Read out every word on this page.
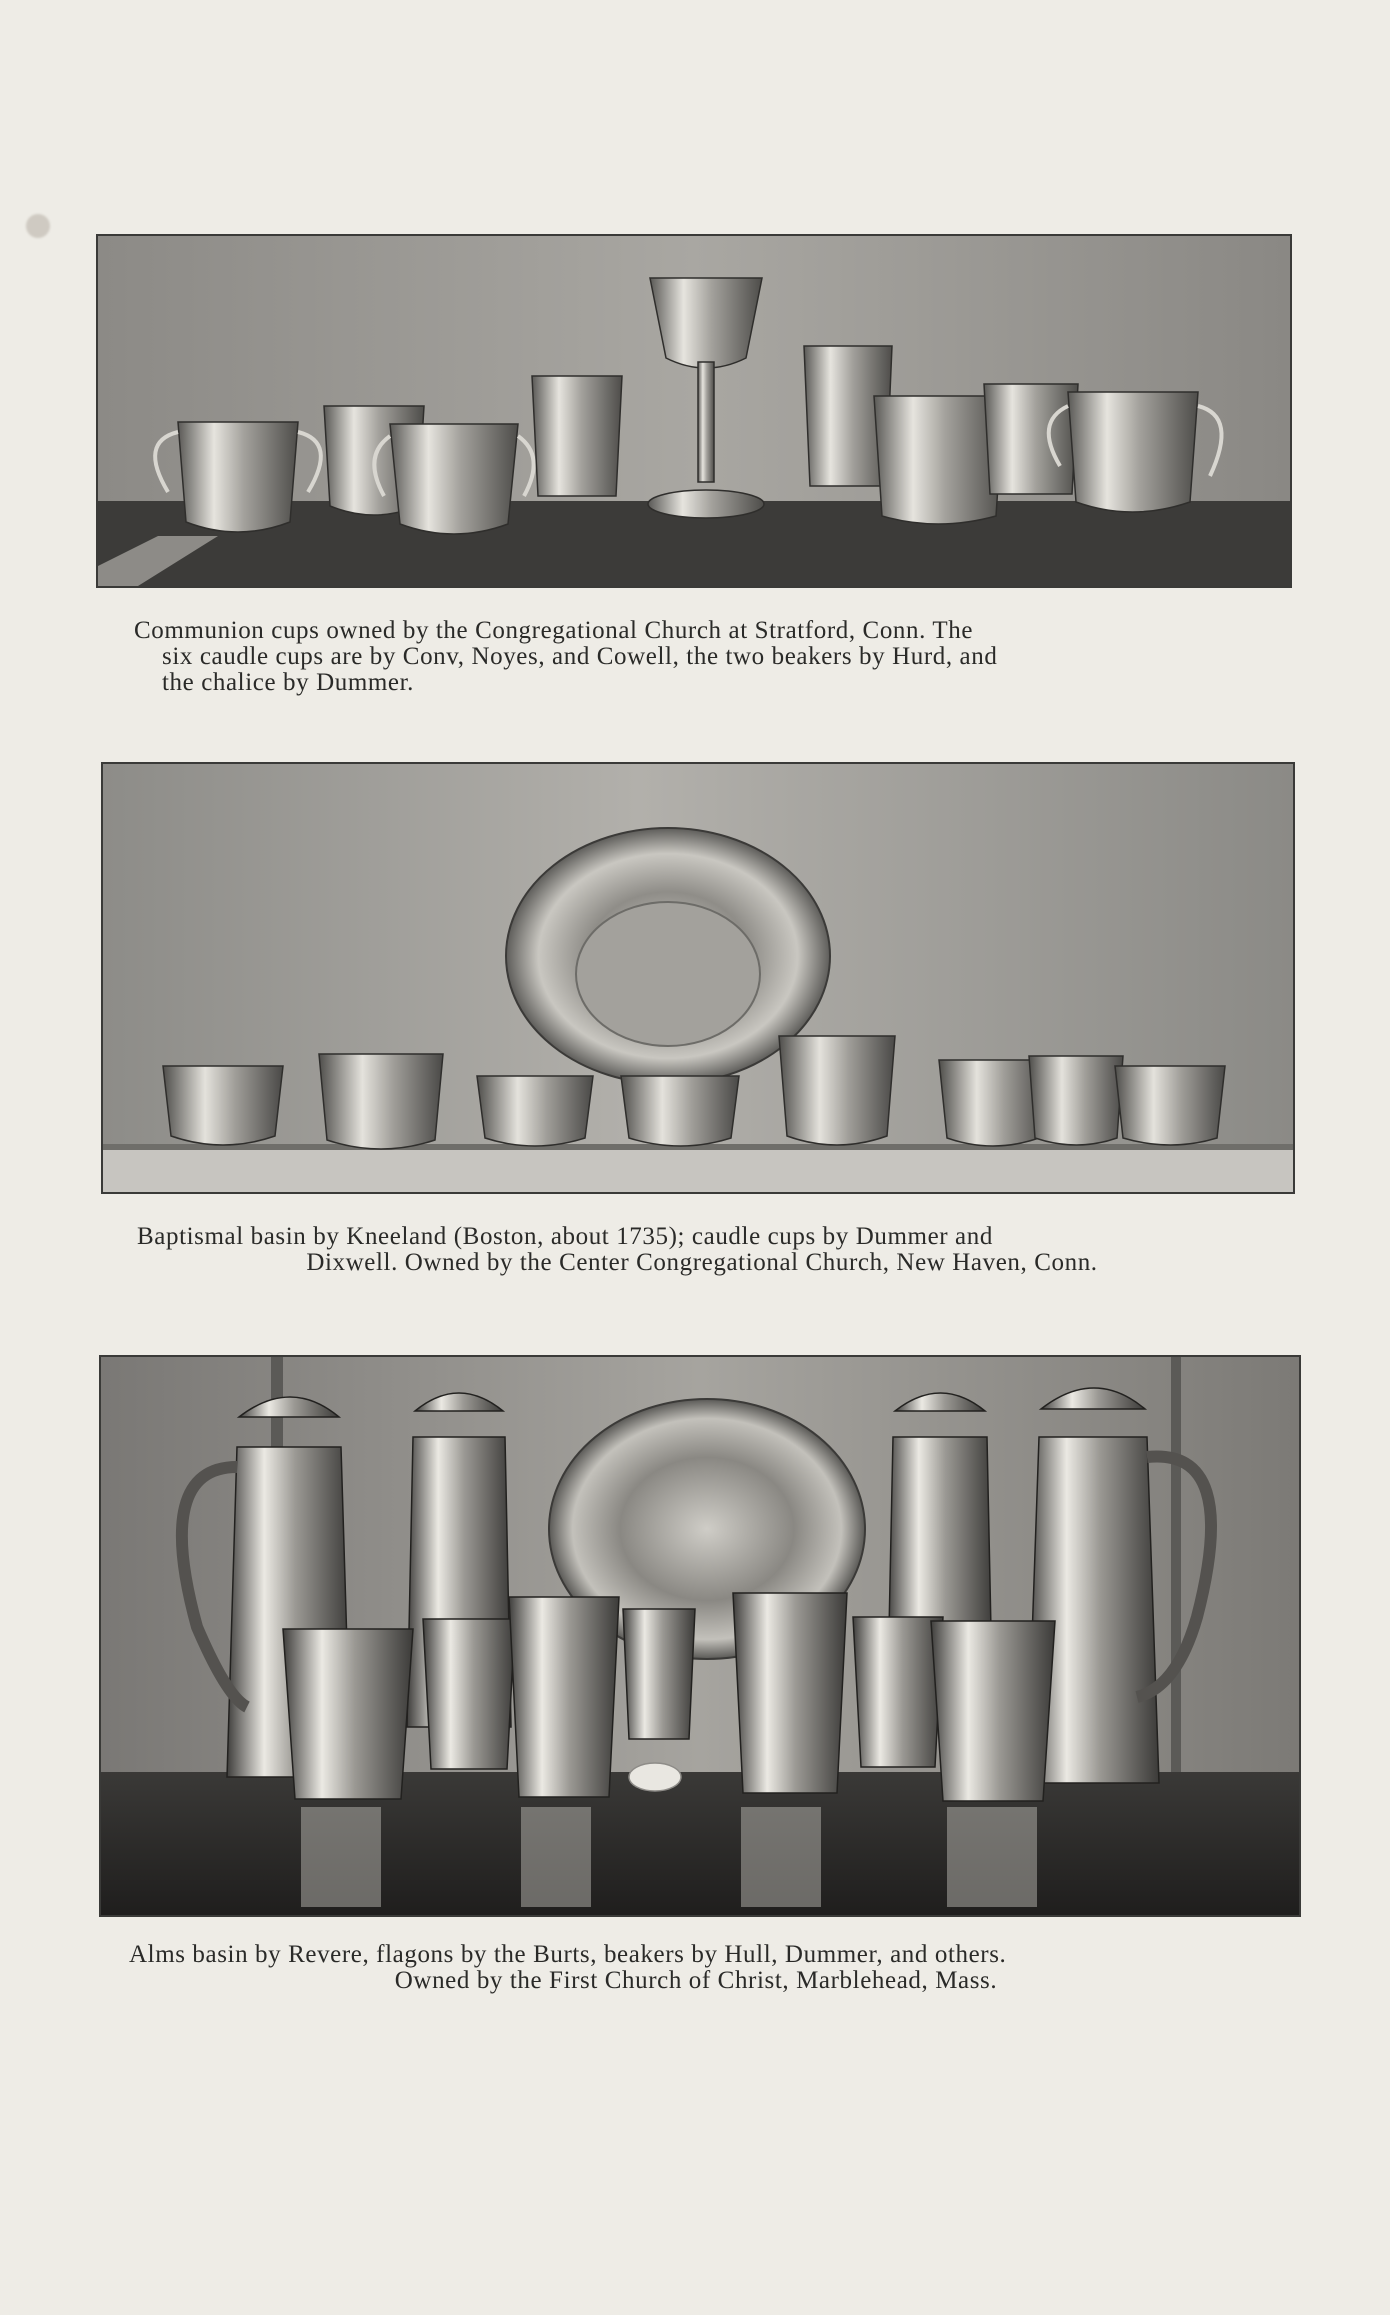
Communion cups owned by the Congregational Church at Stratford, Conn. The
six caudle cups are by Conv, Noyes, and Cowell, the two beakers by Hurd, and
the chalice by Dummer.
Baptismal basin by Kneeland (Boston, about 1735); caudle cups by Dummer and
Dixwell. Owned by the Center Congregational Church, New Haven, Conn.
Alms basin by Revere, flagons by the Burts, beakers by Hull, Dummer, and others.
Owned by the First Church of Christ, Marblehead, Mass.
